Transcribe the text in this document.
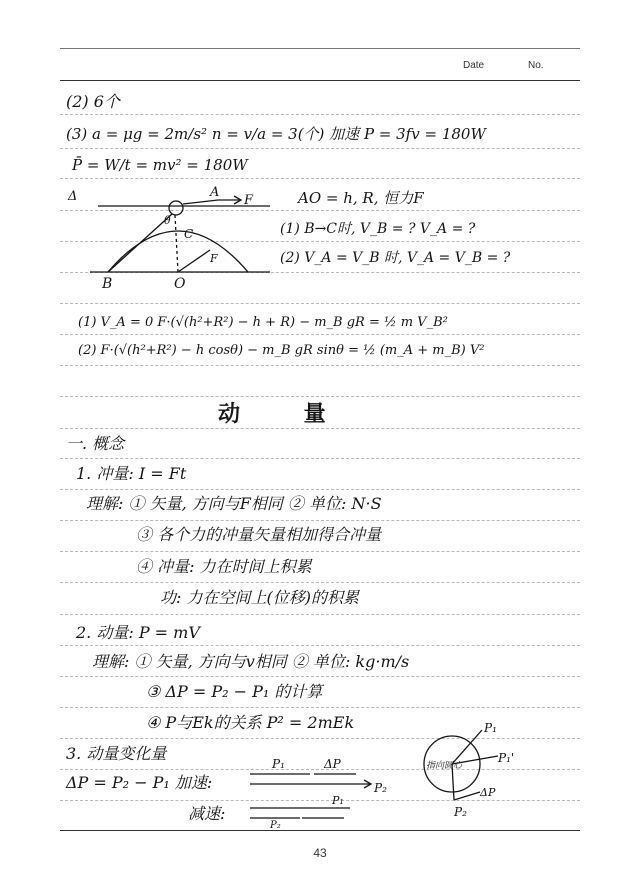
Date	No.
(2) 6个
(3) a = μg = 2m/s² n = v/a = 3(个) 加速 P = 3fv = 180W
P̄ = W/t = mv² = 180W
AO = h, R, 恒力F
(1) B→C时, V_B = ? V_A = ?
(2) V_A = V_B 时, V_A = V_B = ?
(1) V_A = 0 F·(√(h²+R²) − h + R) − m_B gR = ½ m V_B²
(2) F·(√(h²+R²) − h cosθ) − m_B gR sinθ = ½ (m_A + m_B) V²
动 量
一. 概念
1. 冲量: I = Ft
理解: ① 矢量, 方向与F相同 ② 单位: N·S
③ 各个力的冲量矢量相加得合冲量
④ 冲量: 力在时间上积累
功: 力在空间上(位移)的积累
2. 动量: P = mV
理解: ① 矢量, 方向与v相同 ② 单位: kg·m/s
③ ΔP = P₂ − P₁ 的计算
④ P与Ek的关系 P² = 2mEk
3. 动量变化量
ΔP = P₂ − P₁ 加速:
减速:
Δ	A
F
θ
C
F
B	O
P₁	ΔP
P₂
P₁
P₂
P₁
P₁'
指向圆心
P₂
ΔP
43
